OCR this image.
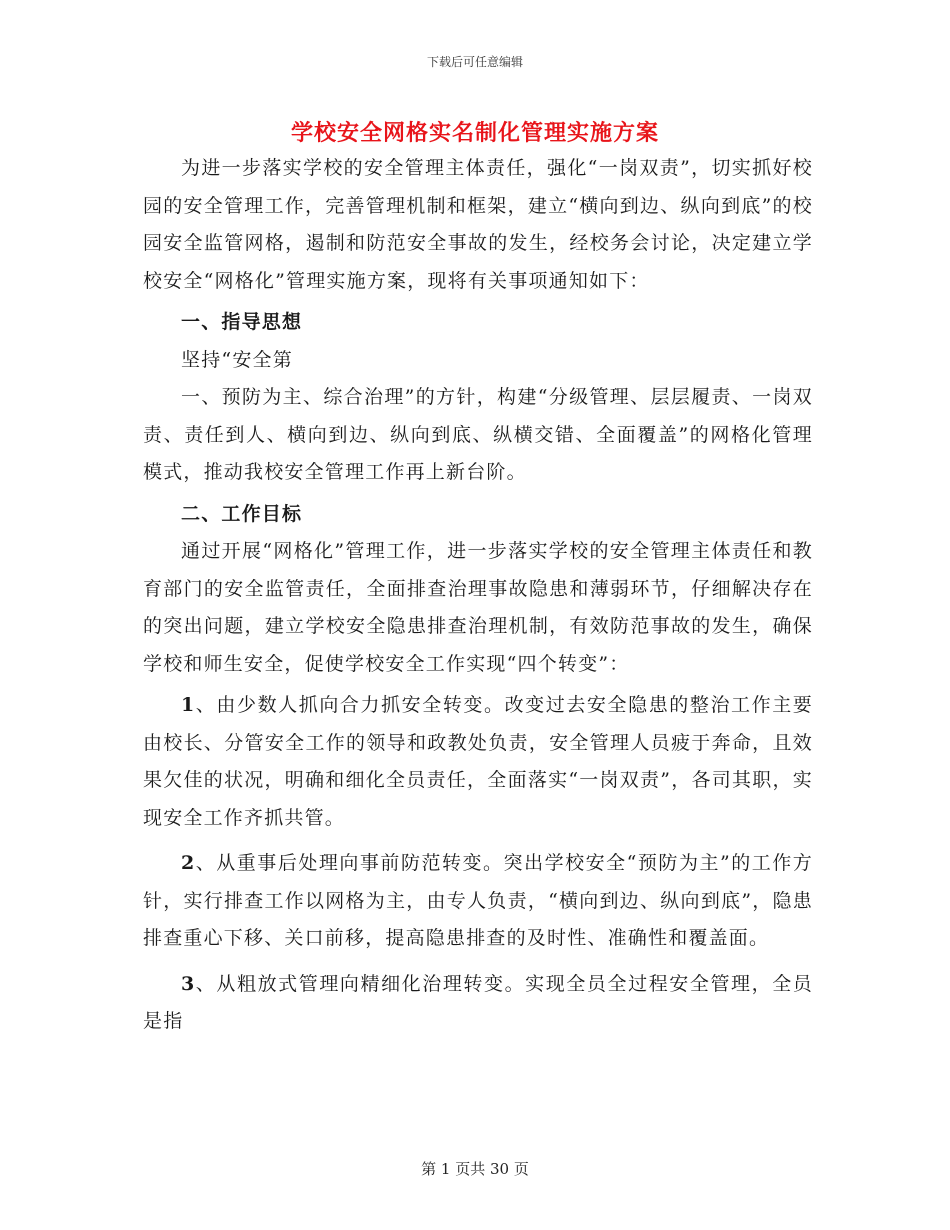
下载后可任意编辑
学校安全网格实名制化管理实施方案

为进一步落实学校的安全管理主体责任，强化“一岗双责”，切实抓好校园的安全管理工作，完善管理机制和框架，建立“横向到边、纵向到底”的校园安全监管网格，遏制和防范安全事故的发生，经校务会讨论，决定建立学校安全“网格化”管理实施方案，现将有关事项通知如下：

一、指导思想

坚持“安全第

一、预防为主、综合治理”的方针，构建“分级管理、层层履责、一岗双责、责任到人、横向到边、纵向到底、纵横交错、全面覆盖”的网格化管理模式，推动我校安全管理工作再上新台阶。

二、工作目标

通过开展“网格化”管理工作，进一步落实学校的安全管理主体责任和教育部门的安全监管责任，全面排查治理事故隐患和薄弱环节，仔细解决存在的突出问题，建立学校安全隐患排查治理机制，有效防范事故的发生，确保学校和师生安全，促使学校安全工作实现“四个转变”：

1、由少数人抓向合力抓安全转变。改变过去安全隐患的整治工作主要由校长、分管安全工作的领导和政教处负责，安全管理人员疲于奔命，且效果欠佳的状况，明确和细化全员责任，全面落实“一岗双责”，各司其职，实现安全工作齐抓共管。

2、从重事后处理向事前防范转变。突出学校安全“预防为主”的工作方针，实行排查工作以网格为主，由专人负责，“横向到边、纵向到底”，隐患排查重心下移、关口前移，提高隐患排查的及时性、准确性和覆盖面。

3、从粗放式管理向精细化治理转变。实现全员全过程安全管理，全员是指

第 1 页共 30 页
